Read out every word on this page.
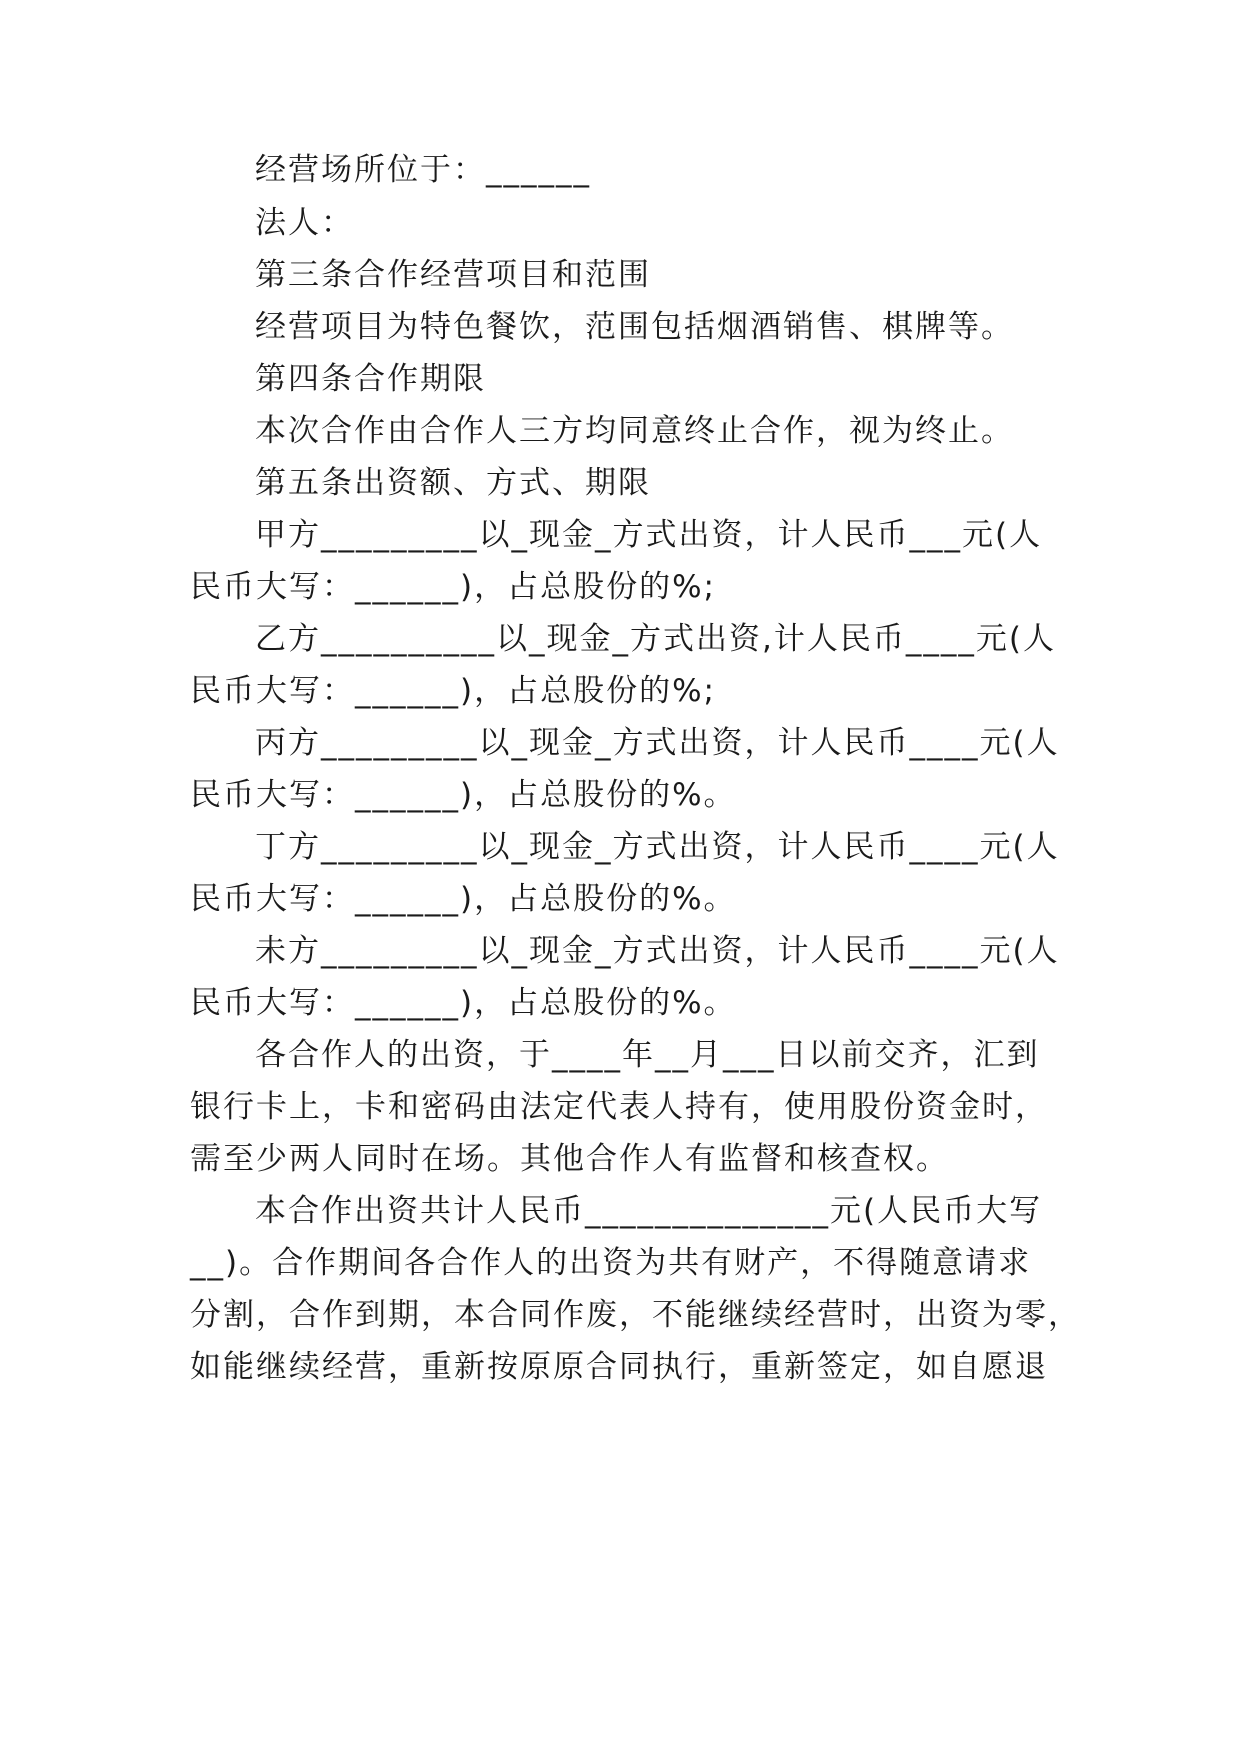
经营场所位于：______
法人：
第三条合作经营项目和范围
经营项目为特色餐饮，范围包括烟酒销售、棋牌等。
第四条合作期限
本次合作由合作人三方均同意终止合作，视为终止。
第五条出资额、方式、期限
甲方_________以_现金_方式出资，计人民币___元(人
民币大写：______)，占总股份的%;
乙方__________以_现金_方式出资,计人民币____元(人
民币大写：______)，占总股份的%;
丙方_________以_现金_方式出资，计人民币____元(人
民币大写：______)，占总股份的%。
丁方_________以_现金_方式出资，计人民币____元(人
民币大写：______)，占总股份的%。
未方_________以_现金_方式出资，计人民币____元(人
民币大写：______)，占总股份的%。
各合作人的出资，于____年__月___日以前交齐，汇到
银行卡上，卡和密码由法定代表人持有，使用股份资金时，
需至少两人同时在场。其他合作人有监督和核查权。
本合作出资共计人民币______________元(人民币大写
__)。合作期间各合作人的出资为共有财产，不得随意请求
分割，合作到期，本合同作废，不能继续经营时，出资为零，
如能继续经营，重新按原原合同执行，重新签定，如自愿退
